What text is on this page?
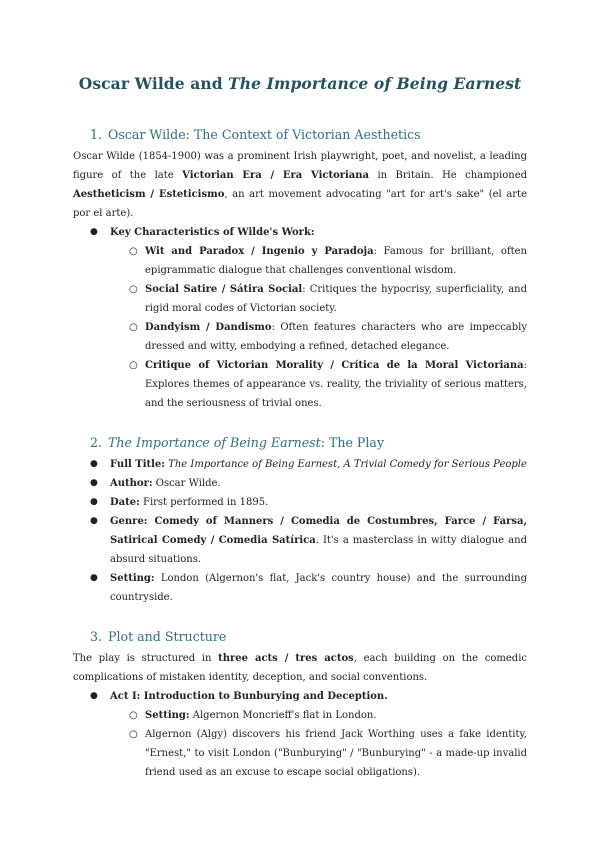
Oscar Wilde and The Importance of Being Earnest
1. Oscar Wilde: The Context of Victorian Aesthetics

Oscar Wilde (1854-1900) was a prominent Irish playwright, poet, and novelist, a leading figure of the late Victorian Era / Era Victoriana in Britain. He championed Aestheticism / Esteticismo, an art movement advocating "art for art's sake" (el arte por el arte).

● Key Characteristics of Wilde's Work:
○ Wit and Paradox / Ingenio y Paradoja: Famous for brilliant, often epigrammatic dialogue that challenges conventional wisdom.
○ Social Satire / Sátira Social: Critiques the hypocrisy, superficiality, and rigid moral codes of Victorian society.
○ Dandyism / Dandismo: Often features characters who are impeccably dressed and witty, embodying a refined, detached elegance.
○ Critique of Victorian Morality / Crítica de la Moral Victoriana: Explores themes of appearance vs. reality, the triviality of serious matters, and the seriousness of trivial ones.
2. The Importance of Being Earnest: The Play
● Full Title: The Importance of Being Earnest, A Trivial Comedy for Serious People
● Author: Oscar Wilde.
● Date: First performed in 1895.
● Genre: Comedy of Manners / Comedia de Costumbres, Farce / Farsa, Satirical Comedy / Comedia Satírica. It's a masterclass in witty dialogue and absurd situations.
● Setting: London (Algernon's flat, Jack's country house) and the surrounding countryside.
3. Plot and Structure

The play is structured in three acts / tres actos, each building on the comedic complications of mistaken identity, deception, and social conventions.

● Act I: Introduction to Bunburying and Deception.
○ Setting: Algernon Moncrieff's flat in London.
○ Algernon (Algy) discovers his friend Jack Worthing uses a fake identity, "Ernest," to visit London ("Bunburying" / "Bunburying" - a made-up invalid friend used as an excuse to escape social obligations).
